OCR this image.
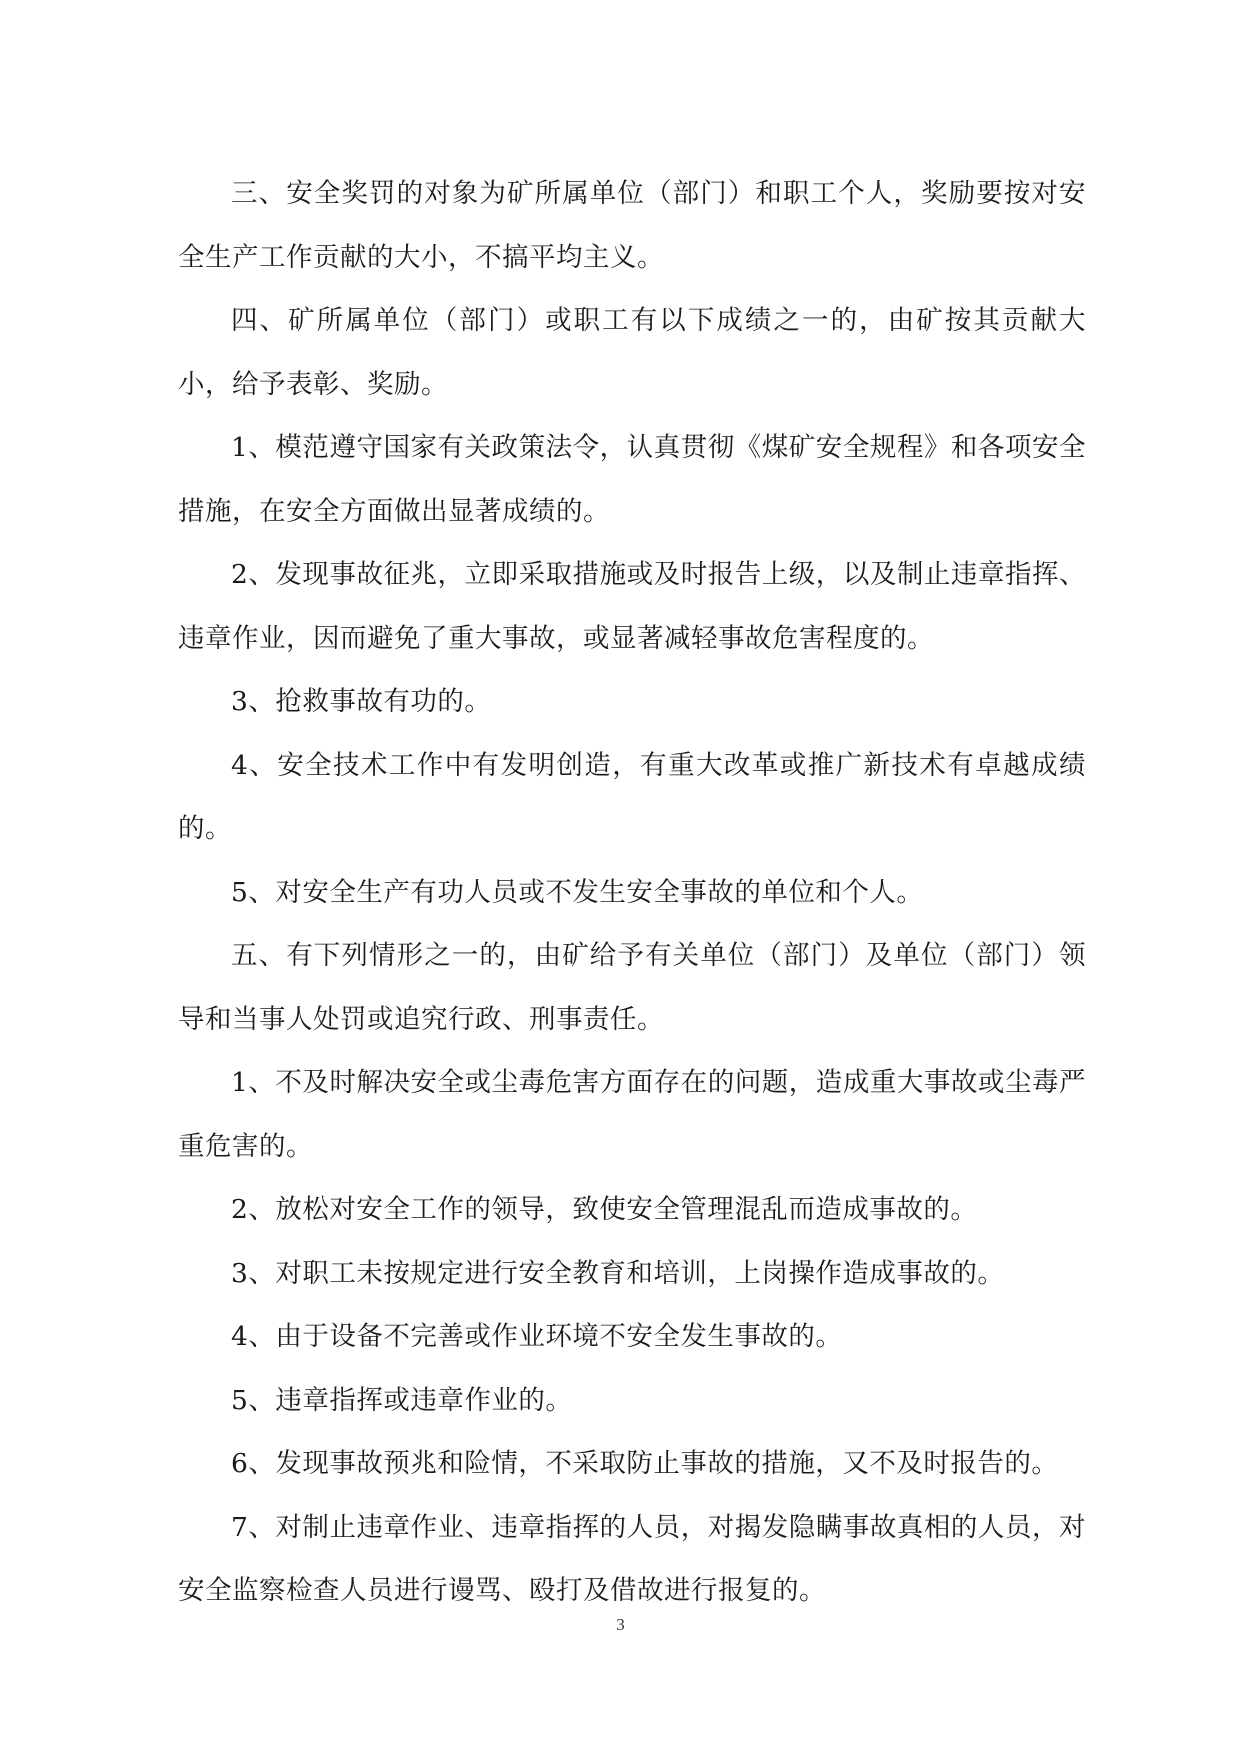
三、安全奖罚的对象为矿所属单位（部门）和职工个人，奖励要按对安全生产工作贡献的大小，不搞平均主义。

四、矿所属单位（部门）或职工有以下成绩之一的，由矿按其贡献大小，给予表彰、奖励。

1、模范遵守国家有关政策法令，认真贯彻《煤矿安全规程》和各项安全措施，在安全方面做出显著成绩的。

2、发现事故征兆，立即采取措施或及时报告上级，以及制止违章指挥、违章作业，因而避免了重大事故，或显著减轻事故危害程度的。

3、抢救事故有功的。

4、安全技术工作中有发明创造，有重大改革或推广新技术有卓越成绩的。

5、对安全生产有功人员或不发生安全事故的单位和个人。

五、有下列情形之一的，由矿给予有关单位（部门）及单位（部门）领导和当事人处罚或追究行政、刑事责任。

1、不及时解决安全或尘毒危害方面存在的问题，造成重大事故或尘毒严重危害的。

2、放松对安全工作的领导，致使安全管理混乱而造成事故的。

3、对职工未按规定进行安全教育和培训，上岗操作造成事故的。

4、由于设备不完善或作业环境不安全发生事故的。

5、违章指挥或违章作业的。

6、发现事故预兆和险情，不采取防止事故的措施，又不及时报告的。

7、对制止违章作业、违章指挥的人员，对揭发隐瞒事故真相的人员，对安全监察检查人员进行谩骂、殴打及借故进行报复的。

3
